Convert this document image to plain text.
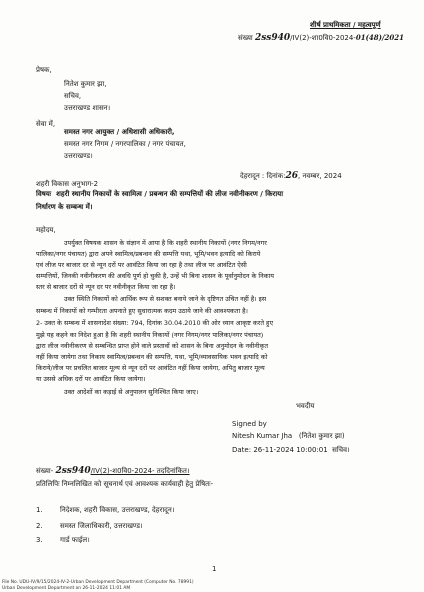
शीर्ष प्राथमिकता / महत्वपूर्ण
संख्या 2ss940/IV(2)-शा0वि0-2024-01(48)/2021
प्रेषक,
नितेश कुमार झा,
सचिव,
उत्तराखण्ड शासन।
सेवा में,
समस्त नगर आयुक्त / अधिशासी अधिकारी,
समस्त नगर निगम / नगरपालिका / नगर पंचायत,
उत्तराखण्ड।
शहरी विकास अनुभाग-2
देहरादून : दिनांक:26, नवम्बर, 2024
विषयः शहरी स्थानीय निकायों के स्वामित्व / प्रबन्धन की सम्पत्तियों की लीज नवीनीकरण / किराया
निर्धारण के सम्बन्ध में।
महोदय,
उपर्युक्त विषयक शासन के संज्ञान में आया है कि शहरी स्थानीय निकायों (नगर निगम/नगर
पालिका/नगर पंचायत) द्वारा अपने स्वामित्व/प्रबन्धन की सम्पत्ति यथा, भूमि/भवन इत्यादि को किराये
एवं लीज पर बाजार दर से न्यून दरों पर आवंटित किया जा रहा है तथा लीज पर आवंटित ऐसी
सम्पत्तियों, जिनकी नवीनीकरण की अवधि पूर्ण हो चुकी है, उन्हें भी बिना शासन के पूर्वानुमोदन के निकाय
स्तर से बाजार दरों से न्यून दर पर नवीनीकृत किया जा रहा है।
उक्त स्थिति निकायों को आर्थिक रूप से सशक्त बनाये जाने के दृष्टिगत उचित नहीं है। इस
सम्बन्ध में निकायों को गम्भीरता अपनाते हुए सुधारात्मक कदम उठाये जाने की आवश्यकता है।
2- उक्त के सम्बन्ध में शासनादेश संख्या: 794, दिनांक 30.04.2010 की ओर ध्यान आकृष्ट करते हुए
मुझे यह कहने का निदेश हुआ है कि शहरी स्थानीय निकायों (नगर निगम/नगर पालिका/नगर पंचायत)
द्वारा लीज नवीनीकरण से सम्बन्धित प्राप्त होने वाले प्रस्तावों को शासन के बिना अनुमोदन के नवीनीकृत
नहीं किया जायेगा तथा निकाय स्वामित्व/प्रबन्धन की सम्पत्ति, यथा, भूमि/व्यावसायिक भवन इत्यादि को
किराये/लीज पर प्रचलित बाजार मूल्य से न्यून दरों पर आवंटित नहीं किया जायेगा, अपितु बाजार मूल्य
या उससे अधिक दरों पर आवंटित किया जायेगा।
उक्त आदेशों का कड़ाई से अनुपालन सुनिश्चित किया जाए।
भवदीय
Signed by
Nitesh Kumar Jha (नितेश कुमार झा)
Date: 26-11-2024 10:00:01 सचिव।
संख्या- 2ss940/IV(2)-श0वि0-2024- तददिनांकित।
प्रतिलिपिः निम्नलिखित को सूचनार्थ एवं आवश्यक कार्यवाही हेतु प्रेषितः-
1. निदेशक, शहरी विकास, उत्तराखण्ड, देहरादून।
2. समस्त जिलाधिकारी, उत्तराखण्ड।
3. गार्ड फाईल।
1
File No. UDU-IV/9/15/2024-IV-2-Urban Development Department (Computer No. 78991)
Urban Development Department on 26-11-2024 11:01 AM
